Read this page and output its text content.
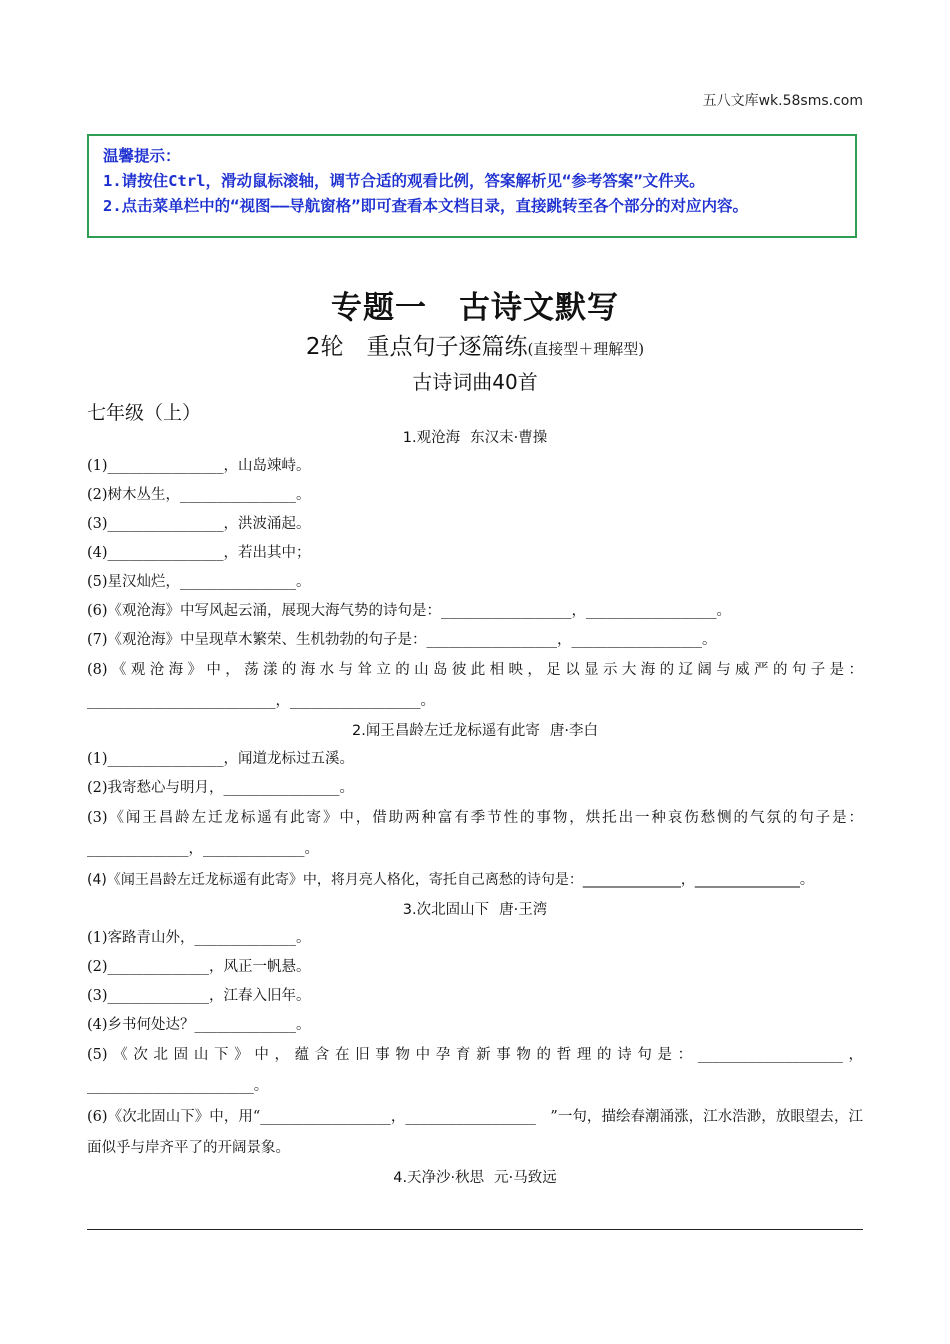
五八文库wk.58sms.com
温馨提示：
1.请按住Ctrl，滑动鼠标滚轴，调节合适的观看比例，答案解析见“参考答案”文件夹。
2.点击菜单栏中的“视图——导航窗格”即可查看本文档目录，直接跳转至各个部分的对应内容。
专题一　古诗文默写
2轮　重点句子逐篇练(直接型＋理解型)
古诗词曲40首
七年级（上）
1.观沧海 东汉末·曹操
(1)________________，山岛竦峙。
(2)树木丛生，________________。
(3)________________，洪波涌起。
(4)________________，若出其中；
(5)星汉灿烂，________________。
(6)《观沧海》中写风起云涌，展现大海气势的诗句是：__________________，__________________。
(7)《观沧海》中呈现草木繁荣、生机勃勃的句子是：__________________，__________________。
(8)《观沧海》中，荡漾的海水与耸立的山岛彼此相映，足以显示大海的辽阔与威严的句子是：__________________________，__________________。
2.闻王昌龄左迁龙标遥有此寄 唐·李白
(1)________________，闻道龙标过五溪。
(2)我寄愁心与明月，________________。
(3)《闻王昌龄左迁龙标遥有此寄》中，借助两种富有季节性的事物，烘托出一种哀伤愁恻的气氛的句子是：______________，______________。
(4)《闻王昌龄左迁龙标遥有此寄》中，将月亮人格化，寄托自己离愁的诗句是：______________，_______________。
3.次北固山下 唐·王湾
(1)客路青山外，______________。
(2)______________，风正一帆悬。
(3)______________，江春入旧年。
(4)乡书何处达？______________。
(5)《次北固山下》中，蕴含在旧事物中孕育新事物的哲理的诗句是：____________________，_______________________。
(6)《次北固山下》中，用“__________________，__________________　”一句，描绘春潮涌涨，江水浩渺，放眼望去，江面似乎与岸齐平了的开阔景象。
4.天净沙·秋思 元·马致远
